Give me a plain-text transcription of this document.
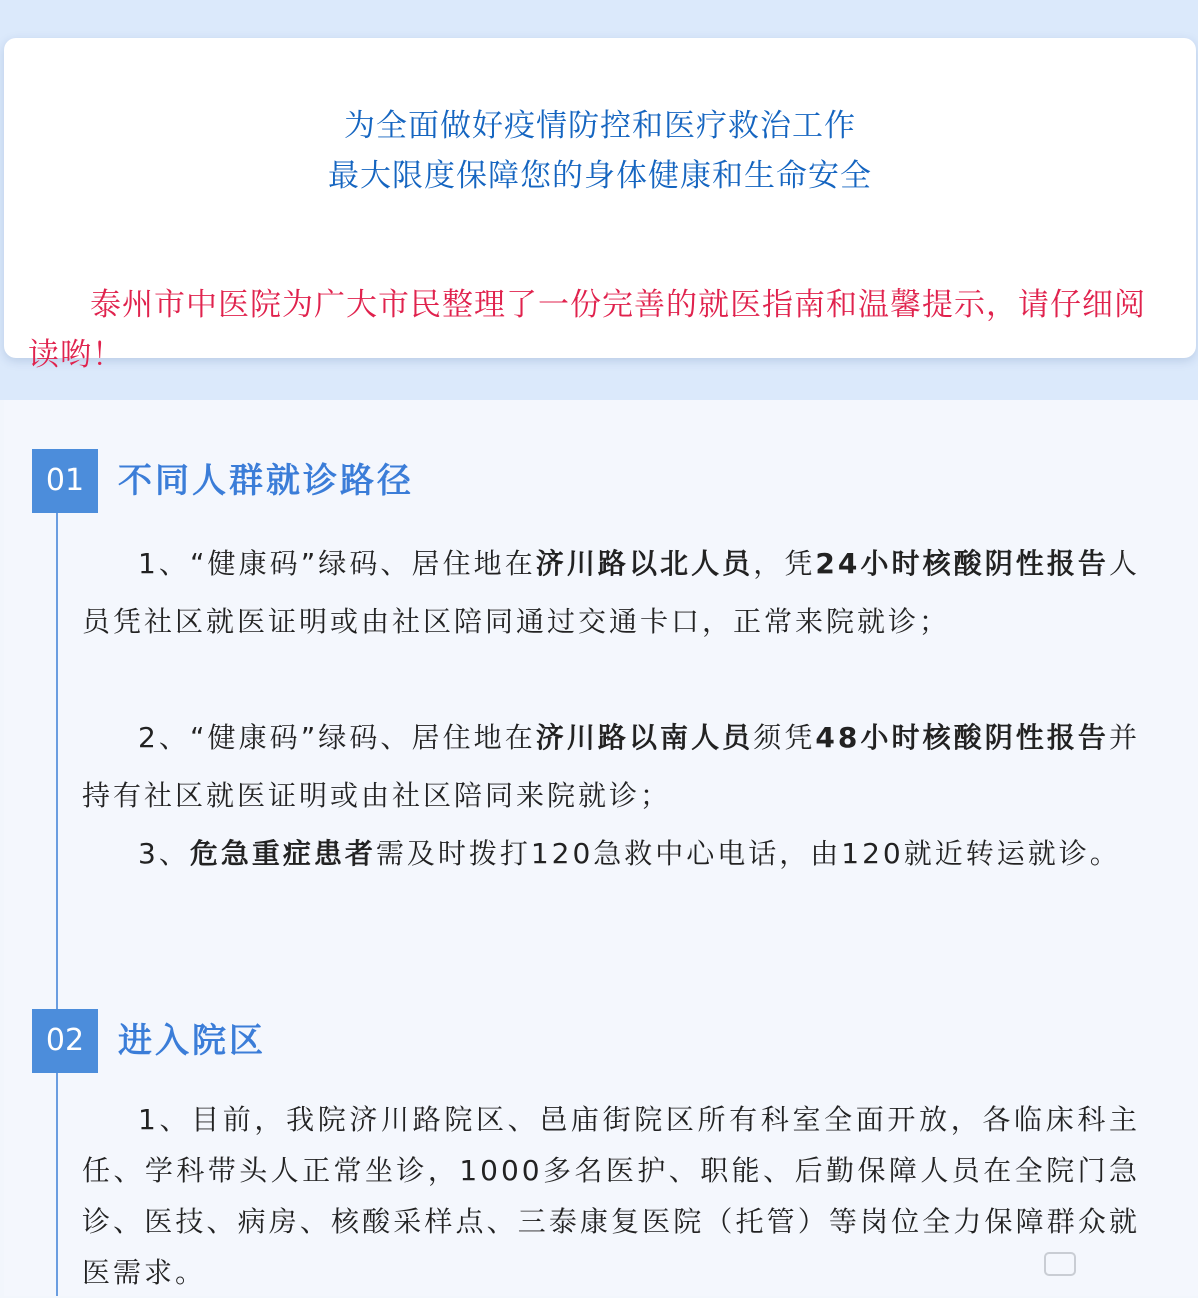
为全面做好疫情防控和医疗救治工作
最大限度保障您的身体健康和生命安全
泰州市中医院为广大市民整理了一份完善的就医指南和温馨提示，请仔细阅读哟！
01 不同人群就诊路径
1、“健康码”绿码、居住地在济川路以北人员，凭24小时核酸阴性报告人员凭社区就医证明或由社区陪同通过交通卡口，正常来院就诊；
2、“健康码”绿码、居住地在济川路以南人员须凭48小时核酸阴性报告并持有社区就医证明或由社区陪同来院就诊；
3、危急重症患者需及时拨打120急救中心电话，由120就近转运就诊。
02 进入院区
1、目前，我院济川路院区、邑庙街院区所有科室全面开放，各临床科主任、学科带头人正常坐诊，1000多名医护、职能、后勤保障人员在全院门急诊、医技、病房、核酸采样点、三泰康复医院（托管）等岗位全力保障群众就医需求。
